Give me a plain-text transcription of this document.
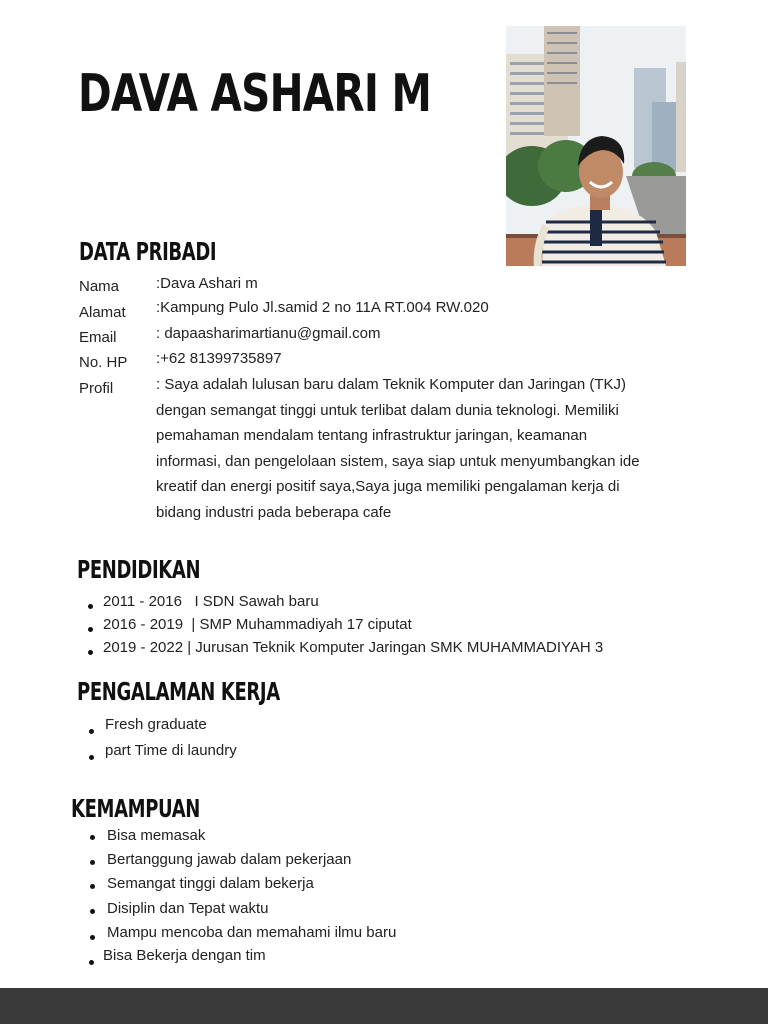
DAVA ASHARI M
DATA PRIBADI
Nama :Dava Ashari m
Alamat :Kampung Pulo Jl.samid 2 no 11A RT.004 RW.020
Email	: dapaasharimartianu@gmail.com
No. HP :+62 81399735897
Profil	: Saya adalah lulusan baru dalam Teknik Komputer dan Jaringan (TKJ) dengan semangat tinggi untuk terlibat dalam dunia teknologi. Memiliki pemahaman mendalam tentang infrastruktur jaringan, keamanan informasi, dan pengelolaan sistem, saya siap untuk menyumbangkan ide kreatif dan energi positif saya,Saya juga memiliki pengalaman kerja di bidang industri pada beberapa cafe
PENDIDIKAN
2011 - 2016   I SDN Sawah baru
2016 - 2019  | SMP Muhammadiyah 17 ciputat
2019 - 2022 | Jurusan Teknik Komputer Jaringan SMK MUHAMMADIYAH 3
PENGALAMAN KERJA
Fresh graduate
part Time di laundry
KEMAMPUAN
Bisa memasak
Bertanggung jawab dalam pekerjaan
Semangat tinggi dalam bekerja
Disiplin dan Tepat waktu
Mampu mencoba dan memahami ilmu baru
Bisa Bekerja dengan tim
